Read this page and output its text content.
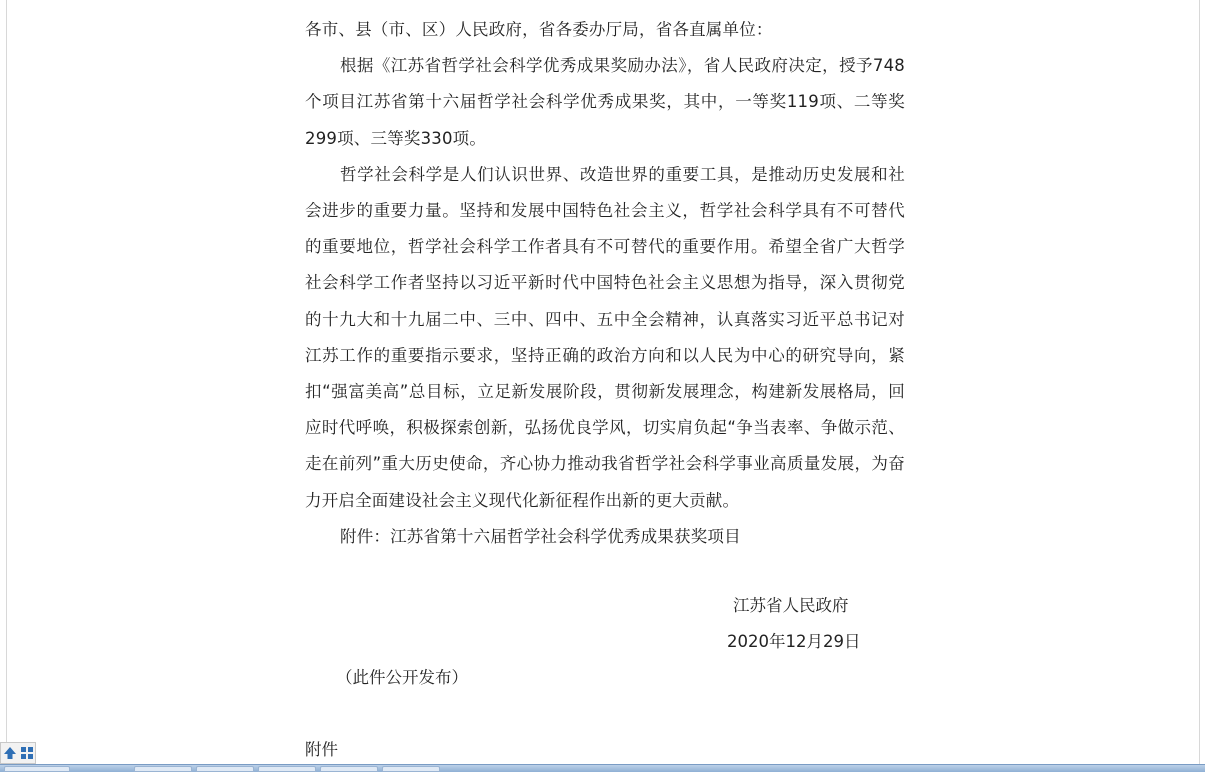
各市、县（市、区）人民政府，省各委办厅局，省各直属单位：

根据《江苏省哲学社会科学优秀成果奖励办法》，省人民政府决定，授予748个项目江苏省第十六届哲学社会科学优秀成果奖，其中，一等奖119项、二等奖299项、三等奖330项。

哲学社会科学是人们认识世界、改造世界的重要工具，是推动历史发展和社会进步的重要力量。坚持和发展中国特色社会主义，哲学社会科学具有不可替代的重要地位，哲学社会科学工作者具有不可替代的重要作用。希望全省广大哲学社会科学工作者坚持以习近平新时代中国特色社会主义思想为指导，深入贯彻党的十九大和十九届二中、三中、四中、五中全会精神，认真落实习近平总书记对江苏工作的重要指示要求，坚持正确的政治方向和以人民为中心的研究导向，紧扣“强富美高”总目标，立足新发展阶段，贯彻新发展理念，构建新发展格局，回应时代呼唤，积极探索创新，弘扬优良学风，切实肩负起“争当表率、争做示范、走在前列”重大历史使命，齐心协力推动我省哲学社会科学事业高质量发展，为奋力开启全面建设社会主义现代化新征程作出新的更大贡献。

附件：江苏省第十六届哲学社会科学优秀成果获奖项目

江苏省人民政府
2020年12月29日
（此件公开发布）
附件
